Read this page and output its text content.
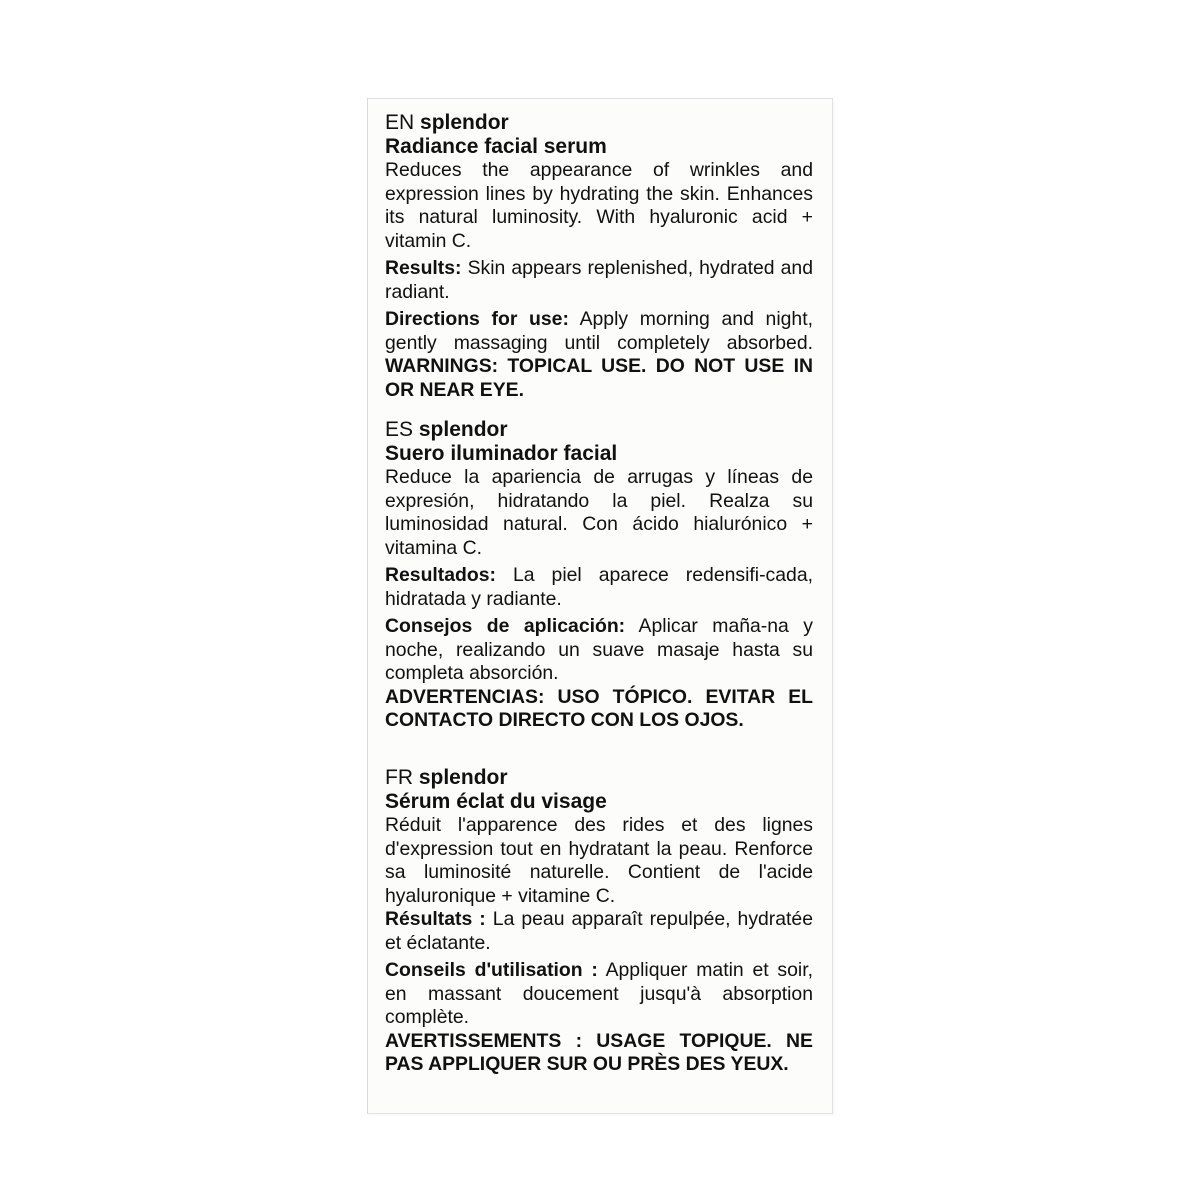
EN splendor

Radiance facial serum

Reduces the appearance of wrinkles and expression lines by hydrating the skin. Enhances its natural luminosity. With hyaluronic acid + vitamin C.

Results: Skin appears replenished, hydrated and radiant.

Directions for use: Apply morning and night, gently massaging until completely absorbed. WARNINGS: TOPICAL USE. DO NOT USE IN OR NEAR EYE.

ES splendor

Suero iluminador facial

Reduce la apariencia de arrugas y líneas de expresión, hidratando la piel. Realza su luminosidad natural. Con ácido hialurónico + vitamina C.

Resultados: La piel aparece redensifi-cada, hidratada y radiante.

Consejos de aplicación: Aplicar maña-na y noche, realizando un suave masaje hasta su completa absorción.

ADVERTENCIAS: USO TÓPICO. EVITAR EL CONTACTO DIRECTO CON LOS OJOS.

FR splendor

Sérum éclat du visage

Réduit l'apparence des rides et des lignes d'expression tout en hydratant la peau. Renforce sa luminosité naturelle. Contient de l'acide hyaluronique + vitamine C.

Résultats : La peau apparaît repulpée, hydratée et éclatante.

Conseils d'utilisation : Appliquer matin et soir, en massant doucement jusqu'à absorption complète.

AVERTISSEMENTS : USAGE TOPIQUE. NE PAS APPLIQUER SUR OU PRÈS DES YEUX.
